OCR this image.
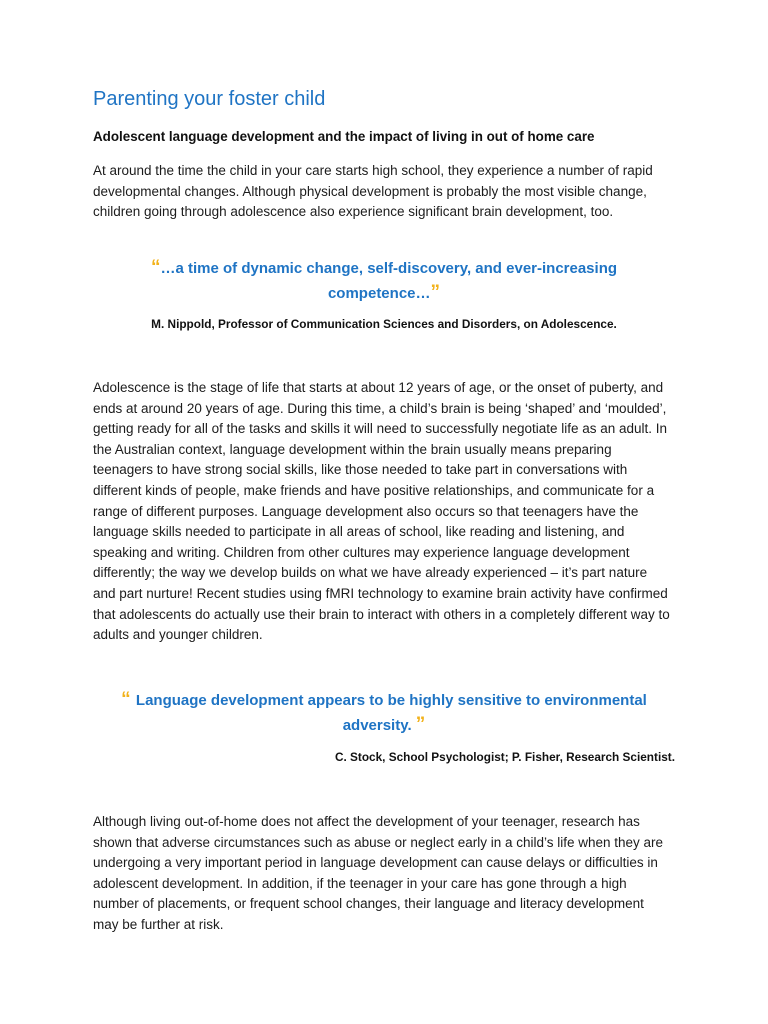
Parenting your foster child
Adolescent language development and the impact of living in out of home care

At around the time the child in your care starts high school, they experience a number of rapid developmental changes. Although physical development is probably the most visible change, children going through adolescence also experience significant brain development, too.

“…a time of dynamic change, self-discovery, and ever-increasing competence…”

M. Nippold, Professor of Communication Sciences and Disorders, on Adolescence.

Adolescence is the stage of life that starts at about 12 years of age, or the onset of puberty, and ends at around 20 years of age. During this time, a child’s brain is being ‘shaped’ and ‘moulded’, getting ready for all of the tasks and skills it will need to successfully negotiate life as an adult. In the Australian context, language development within the brain usually means preparing teenagers to have strong social skills, like those needed to take part in conversations with different kinds of people, make friends and have positive relationships, and communicate for a range of different purposes. Language development also occurs so that teenagers have the language skills needed to participate in all areas of school, like reading and listening, and speaking and writing. Children from other cultures may experience language development differently; the way we develop builds on what we have already experienced – it’s part nature and part nurture! Recent studies using fMRI technology to examine brain activity have confirmed that adolescents do actually use their brain to interact with others in a completely different way to adults and younger children.

“ Language development appears to be highly sensitive to environmental adversity. ”

C. Stock, School Psychologist; P. Fisher, Research Scientist.

Although living out-of-home does not affect the development of your teenager, research has shown that adverse circumstances such as abuse or neglect early in a child’s life when they are undergoing a very important period in language development can cause delays or difficulties in adolescent development. In addition, if the teenager in your care has gone through a high number of placements, or frequent school changes, their language and literacy development may be further at risk.
